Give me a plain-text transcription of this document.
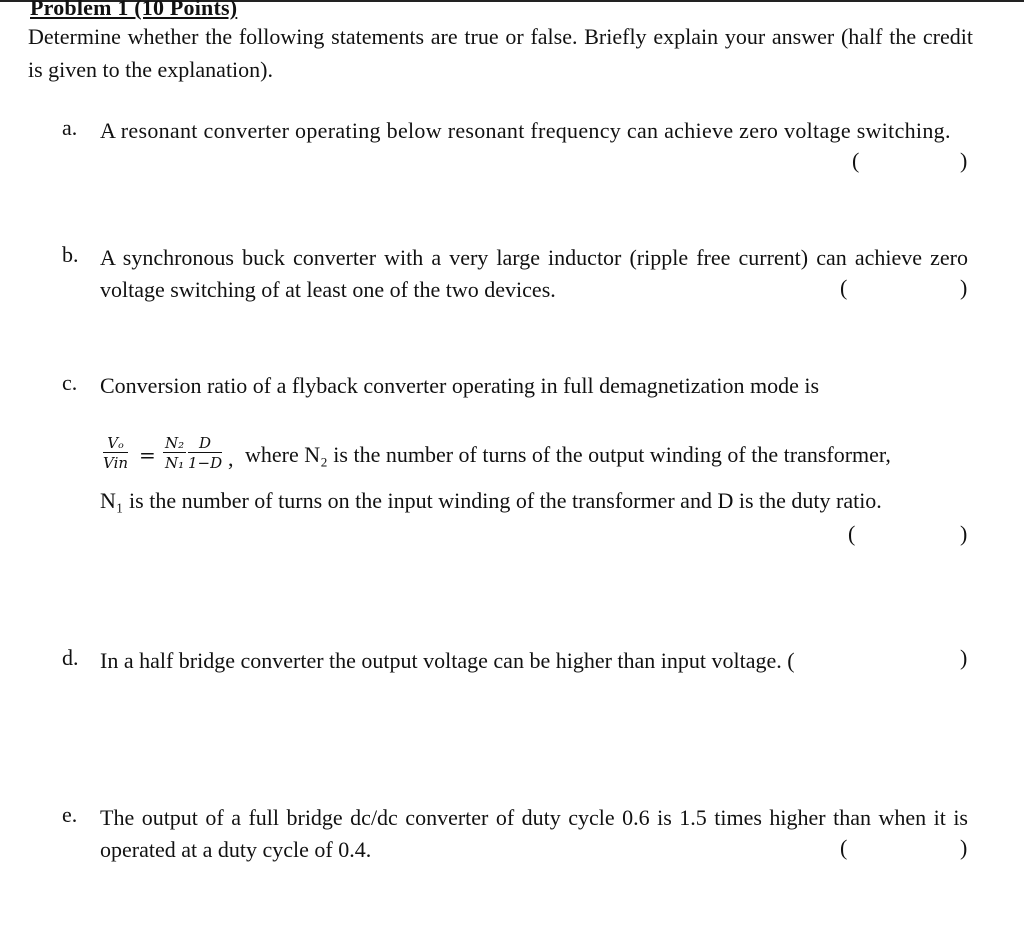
Problem 1 (10 Points)
Determine whether the following statements are true or false. Briefly explain your answer (half the credit is given to the explanation).
a. A resonant converter operating below resonant frequency can achieve zero voltage switching.
(	)
b. A synchronous buck converter with a very large inductor (ripple free current) can achieve zero voltage switching of at least one of the two devices.	(	)
c. Conversion ratio of a flyback converter operating in full demagnetization mode is
Vₒ
Vin = $\frac{\text{N₂}}{\text{N₁}} \frac{D}{1-D}$ , where N₂ is the number of turns of the output winding of the transformer,
N₁ is the number of turns on the input winding of the transformer and D is the duty ratio.
(	)
d. In a half bridge converter the output voltage can be higher than input voltage. (	)
e. The output of a full bridge dc/dc converter of duty cycle 0.6 is 1.5 times higher than when it is operated at a duty cycle of 0.4.	(	)
